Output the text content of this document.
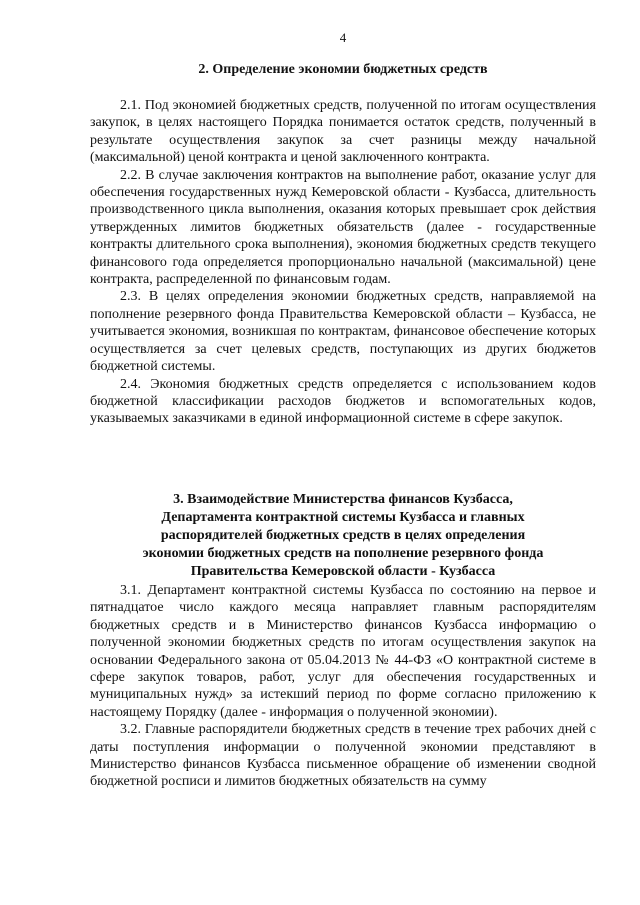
4
2. Определение экономии бюджетных средств

2.1. Под экономией бюджетных средств, полученной по итогам осуществления закупок, в целях настоящего Порядка понимается остаток средств, полученный в результате осуществления закупок за счет разницы между начальной (максимальной) ценой контракта и ценой заключенного контракта.

2.2. В случае заключения контрактов на выполнение работ, оказание услуг для обеспечения государственных нужд Кемеровской области - Кузбасса, длительность производственного цикла выполнения, оказания которых превышает срок действия утвержденных лимитов бюджетных обязательств (далее - государственные контракты длительного срока выполнения), экономия бюджетных средств текущего финансового года определяется пропорционально начальной (максимальной) цене контракта, распределенной по финансовым годам.

2.3. В целях определения экономии бюджетных средств, направляемой на пополнение резервного фонда Правительства Кемеровской области – Кузбасса, не учитывается экономия, возникшая по контрактам, финансовое обеспечение которых осуществляется за счет целевых средств, поступающих из других бюджетов бюджетной системы.

2.4. Экономия бюджетных средств определяется с использованием кодов бюджетной классификации расходов бюджетов и вспомогательных кодов, указываемых заказчиками в единой информационной системе в сфере закупок.

3. Взаимодействие Министерства финансов Кузбасса, Департамента контрактной системы Кузбасса и главных распорядителей бюджетных средств в целях определения экономии бюджетных средств на пополнение резервного фонда Правительства Кемеровской области - Кузбасса

3.1. Департамент контрактной системы Кузбасса по состоянию на первое и пятнадцатое число каждого месяца направляет главным распорядителям бюджетных средств и в Министерство финансов Кузбасса информацию о полученной экономии бюджетных средств по итогам осуществления закупок на основании Федерального закона от 05.04.2013 № 44-ФЗ «О контрактной системе в сфере закупок товаров, работ, услуг для обеспечения государственных и муниципальных нужд» за истекший период по форме согласно приложению к настоящему Порядку (далее - информация о полученной экономии).

3.2. Главные распорядители бюджетных средств в течение трех рабочих дней с даты поступления информации о полученной экономии представляют в Министерство финансов Кузбасса письменное обращение об изменении сводной бюджетной росписи и лимитов бюджетных обязательств на сумму
